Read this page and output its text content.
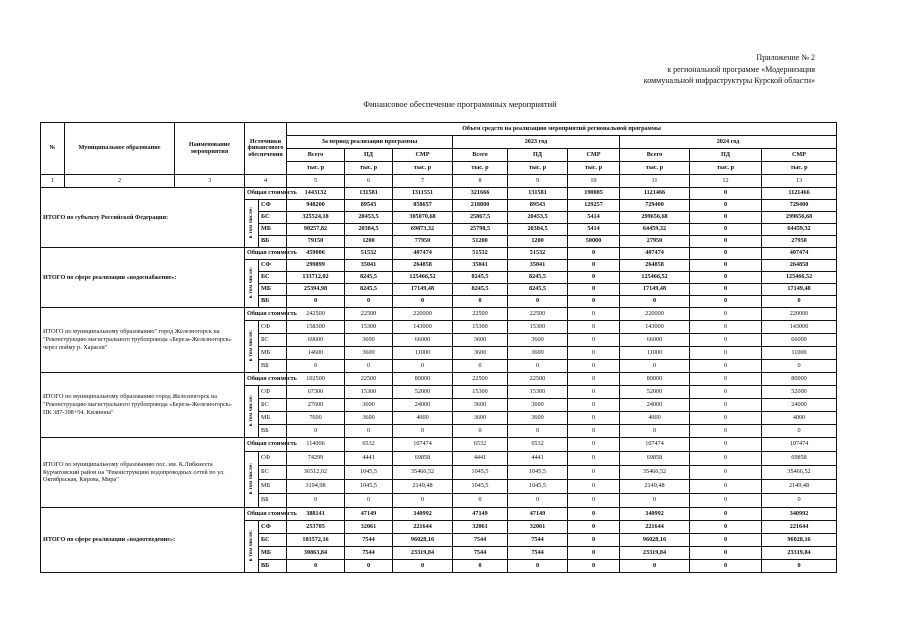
Приложение № 2
к региональной программе «Модернизация
коммунальной инфраструктуры Курской области»
Финансовое обеспечение программных мероприятий
№	Муниципальное образование	Наименование мероприятия	Источники финансового обеспечения		Объем средств на реализацию мероприятий региональной программы								
					За период реализации программы			2023 год			2024 год		
					Всего	ПД	СМР	Всего	ПД	СМР	Всего	ПД	СМР
					тыс. р	тыс. р	тыс. р	тыс. р	тыс. р	тыс. р	тыс. р	тыс. р	тыс. р
1	2	3	4		5	6	7	8	9	10	11	12	13
ИТОГО по субъекту Российской Федерации:			Общая стоимость		1443132	131581	1311551	321666	131581	190085	1121466	0	1121466
			в том числе:	СФ	948200	89543	858657	218800	89543	129257	729400	0	729400
				БС	325524,18	20453,5	305070,68	25867,5	20453,5	5414	299656,68	0	299656,68
				МБ	90257,82	20384,5	69873,32	25798,5	20384,5	5414	64459,32	0	64459,32
				ВБ	79150	1200	77950	51200	1200	50000	27950	0	27950
ИТОГО по сфере реализации «водоснабжение»:			Общая стоимость		459006	51532	407474	51532	51532	0	407474	0	407474
			в том числе:	СФ	299899	35041	264858	35041	35041	0	264858	0	264858
				БС	133712,02	8245,5	125466,52	8245,5	8245,5	0	125466,52	0	125466,52
				МБ	25394,98	8245,5	17149,48	8245,5	8245,5	0	17149,48	0	17149,48
				ВБ	0	0	0	0	0	0	0	0	0
ИТОГО по муниципальному образованию" город Железногорск на "Реконструкцию магистрального трубопровода «Береза-Железногорск» через пойму р. Харасея"			Общая стоимость		242500	22500	220000	22500	22500	0	220000	0	220000
			в том числе:	СФ	158300	15300	143000	15300	15300	0	143000	0	143000
				БС	69600	3600	66000	3600	3600	0	66000	0	66000
				МБ	14600	3600	11000	3600	3600	0	11000	0	11000
				ВБ	0	0	0	0	0	0	0	0	0
ИТОГО по муниципальному образованию город Железногорск на "Реконструкцию магистрального трубопровода «Береза-Железногорск» ПК 387-398+54. Килиюна"			Общая стоимость		102500	22500	80000	22500	22500	0	80000	0	80000
			в том числе:	СФ	67300	15300	52000	15300	15300	0	52000	0	52000
				БС	27600	3600	24000	3600	3600	0	24000	0	24000
				МБ	7600	3600	4000	3600	3600	0	4000	0	4000
				ВБ	0	0	0	0	0	0	0	0	0
ИТОГО по муниципальному образованию пос. им. К.Либкнехта Курчатовский район на "Реконструкцию водопроводных сетей по ул. Октябрьская, Кирова, Мира"			Общая стоимость		114006	6532	107474	6532	6532	0	107474	0	107474
			в том числе:	СФ	74299	4441	69858	4441	4441	0	69858	0	69858
				БС	36512,02	1045,5	35466,52	1045,5	1045,5	0	35466,52	0	35466,52
				МБ	3194,98	1045,5	2149,48	1045,5	1045,5	0	2149,48	0	2149,48
				ВБ	0	0	0	0	0	0	0	0	0
ИТОГО по сфере реализации «водоотведение»:			Общая стоимость		388141	47149	340992	47149	47149	0	340992	0	340992
			в том числе:	СФ	253705	32061	221644	32061	32061	0	221644	0	221644
				БС	103572,16	7544	96028,16	7544	7544	0	96028,16	0	96028,16
				МБ	30863,84	7544	23319,84	7544	7544	0	23319,84	0	23319,84
				ВБ	0	0	0	0	0	0	0	0	0
